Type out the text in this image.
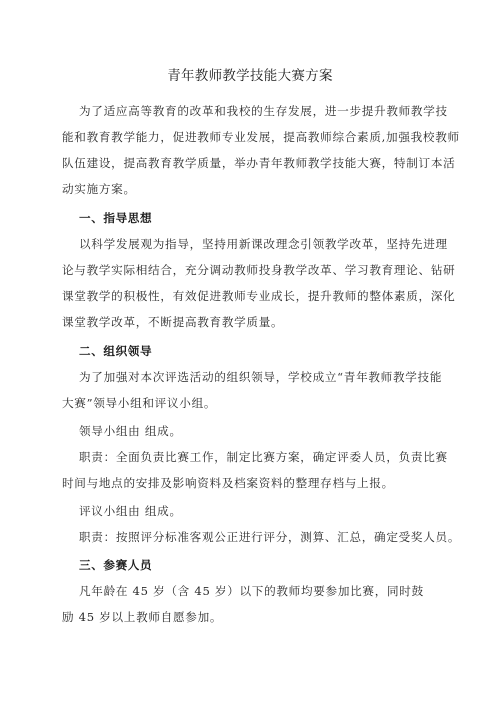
青年教师教学技能大赛方案
为了适应高等教育的改革和我校的生存发展，进一步提升教师教学技
能和教育教学能力，促进教师专业发展，提高教师综合素质,加强我校教师
队伍建设，提高教育教学质量，举办青年教师教学技能大赛，特制订本活
动实施方案。
一、指导思想
以科学发展观为指导，坚持用新课改理念引领教学改革，坚持先进理
论与教学实际相结合，充分调动教师投身教学改革、学习教育理论、钻研
课堂教学的积极性，有效促进教师专业成长，提升教师的整体素质，深化
课堂教学改革，不断提高教育教学质量。
二、组织领导
为了加强对本次评选活动的组织领导，学校成立“青年教师教学技能
大赛”领导小组和评议小组。
领导小组由 组成。
职责：全面负责比赛工作，制定比赛方案，确定评委人员，负责比赛
时间与地点的安排及影响资料及档案资料的整理存档与上报。
评议小组由 组成。
职责：按照评分标准客观公正进行评分，测算、汇总，确定受奖人员。
三、参赛人员
凡年龄在 45 岁（含 45 岁）以下的教师均要参加比赛，同时鼓
励 45 岁以上教师自愿参加。
